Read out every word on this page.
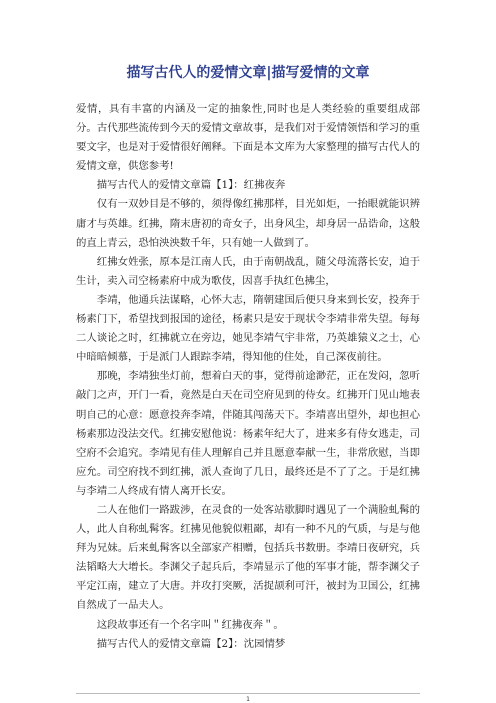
描写古代人的爱情文章|描写爱情的文章

爱情，具有丰富的内涵及一定的抽象性,同时也是人类经验的重要组成部分。古代那些流传到今天的爱情文章故事，是我们对于爱情领悟和学习的重要文字，也是对于爱情很好阐释。下面是本文库为大家整理的描写古代人的爱情文章，供您参考!

描写古代人的爱情文章篇【1】：红拂夜奔

仅有一双妙目是不够的，须得像红拂那样，目光如炬，一抬眼就能识辨庸才与英雄。红拂，隋末唐初的奇女子，出身风尘，却身居一品诰命，这般的直上青云，恐怕泱泱数千年，只有她一人做到了。

红拂女姓张，原本是江南人氏，由于南朝战乱，随父母流落长安，迫于生计，卖入司空杨素府中成为歌伎，因喜手执红色拂尘，

李靖，他通兵法谋略，心怀大志，隋朝建国后便只身来到长安，投奔于杨素门下，希望找到报国的途径，杨素只是安于现状令李靖非常失望。每每二人谈论之时，红拂就立在旁边，她见李靖气宇非常，乃英雄猿义之士，心中暗暗倾慕，于是派门人跟踪李靖，得知他的住处，自己深夜前往。

那晚，李靖独坐灯前，想着白天的事，觉得前途渺茫，正在发闷，忽听敲门之声，开门一看，竟然是白天在司空府见到的侍女。红拂开门见山地表明自己的心意：愿意投奔李靖，伴随其闯荡天下。李靖喜出望外，却也担心杨素那边没法交代。红拂安慰他说：杨素年纪大了，进来多有侍女逃走，司空府不会追究。李靖见有佳人理解自己并且愿意奉献一生，非常欣慰，当即应允。司空府找不到红拂，派人查询了几日，最终还是不了了之。于是红拂与李靖二人终成有情人离开长安。

二人在他们一路跋涉，在灵食的一处客站歇脚时遇见了一个满脸虬髯的人，此人自称虬髯客。红拂见他貌似粗鄙，却有一种不凡的气质，与是与他拜为兄妹。后来虬髯客以全部家产相赠，包括兵书数册。李靖日夜研究，兵法韬略大大增长。李渊父子起兵后，李靖显示了他的军事才能，帮李渊父子平定江南，建立了大唐。并攻打突厥，活捉颉利可汗，被封为卫国公，红拂自然成了一品夫人。

这段故事还有一个名字叫＂红拂夜奔＂。

描写古代人的爱情文章篇【2】：沈园情梦

1
